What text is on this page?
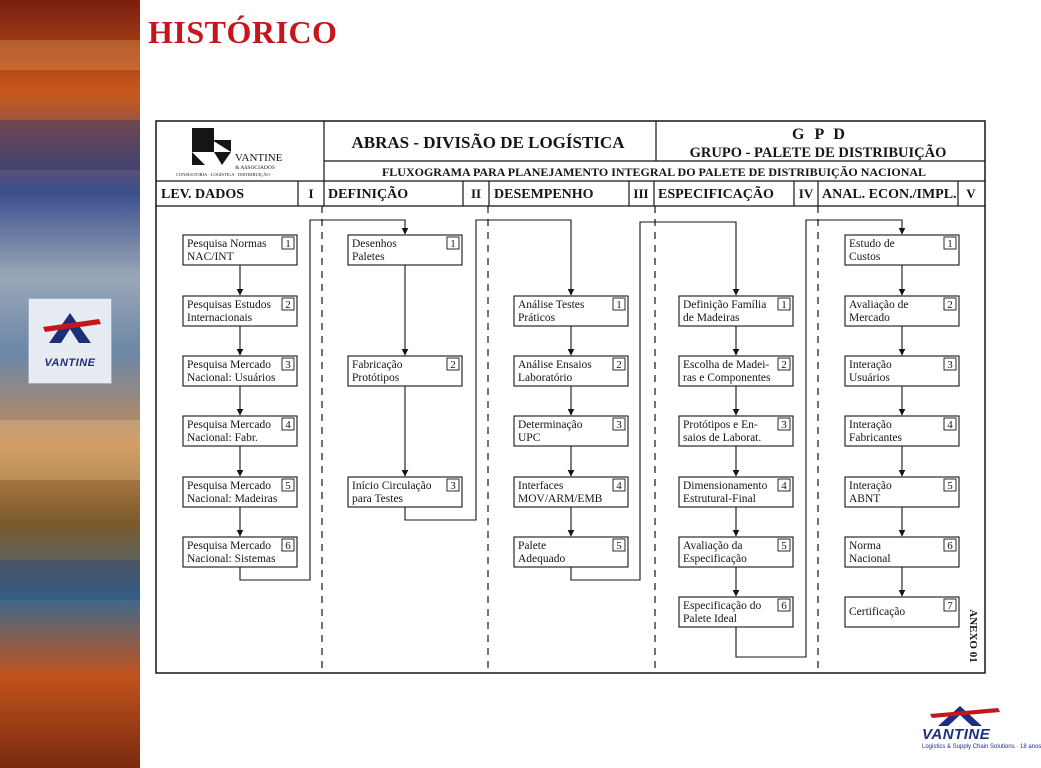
VANTINE
HISTÓRICO
VANTINE
& ASSOCIADOS
CONSULTORIA · LOGÍSTICA · DISTRIBUIÇÃO
ABRAS - DIVISÃO DE LOGÍSTICA	G P D
GRUPO - PALETE DE DISTRIBUIÇÃO
FLUXOGRAMA PARA PLANEJAMENTO INTEGRAL DO PALETE DE DISTRIBUIÇÃO NACIONAL
LEV. DADOS	I DEFINIÇÃO	II DESEMPENHO	III ESPECIFICAÇÃO IV ANAL. ECON./IMPL. V
1
Pesquisa Normas
NAC/INT
2
Pesquisas Estudos
Internacionais
3
Pesquisa Mercado
Nacional: Usuários
4
Pesquisa Mercado
Nacional: Fabr.
5
Pesquisa Mercado
Nacional: Madeiras
6
Pesquisa Mercado
Nacional: Sistemas
1
Desenhos
Paletes
2
Fabricação
Protótipos
3
Início Circulação
para Testes
1
Análise Testes
Práticos
2
Análise Ensaios
Laboratório
3
Determinação
UPC
4
Interfaces
MOV/ARM/EMB
5
Palete
Adequado
1
Definição Família
de Madeiras
2
Escolha de Madei-
ras e Componentes
3
Protótipos e En-
saios de Laborat.
4
Dimensionamento
Estrutural-Final
5
Avaliação da
Especificação
6
Especificação do
Palete Ideal
1
Estudo de
Custos
2
Avaliação de
Mercado
3
Interação
Usuários
4
Interação
Fabricantes
5
Interação
ABNT
6
Norma
Nacional
7
Certificação	ANEXO 01
VANTINE
Logistics & Supply Chain Solutions · 18 anos
